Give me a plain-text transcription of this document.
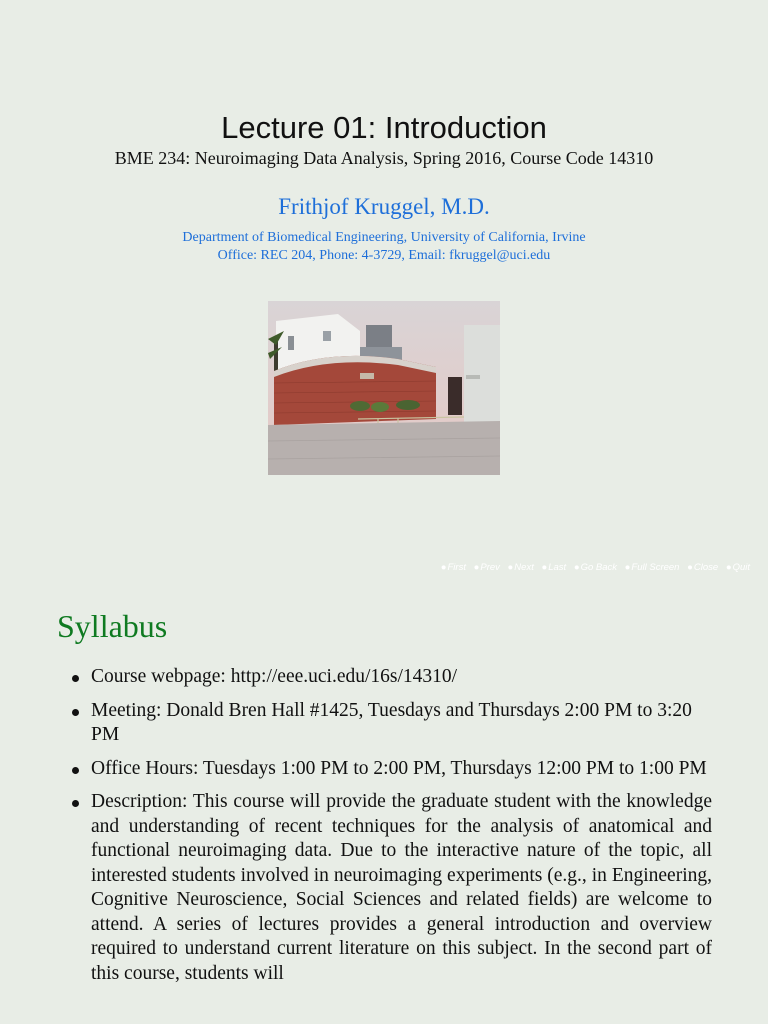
Lecture 01: Introduction
BME 234: Neuroimaging Data Analysis, Spring 2016, Course Code 14310
Frithjof Kruggel, M.D.
Department of Biomedical Engineering, University of California, Irvine
Office: REC 204, Phone: 4-3729, Email: fkruggel@uci.edu
● First ● Prev ● Next ● Last ● Go Back ● Full Screen ● Close ● Quit
Syllabus
Course webpage: http://eee.uci.edu/16s/14310/
Meeting: Donald Bren Hall #1425, Tuesdays and Thursdays 2:00 PM to 3:20 PM
Office Hours: Tuesdays 1:00 PM to 2:00 PM, Thursdays 12:00 PM to 1:00 PM
Description: This course will provide the graduate student with the knowledge and understanding of recent techniques for the analysis of anatomical and functional neuroimaging data. Due to the interactive nature of the topic, all interested students involved in neuroimaging experiments (e.g., in Engineering, Cognitive Neuroscience, Social Sciences and related fields) are welcome to attend. A series of lectures provides a general introduction and overview required to understand current literature on this subject. In the second part of this course, students will
